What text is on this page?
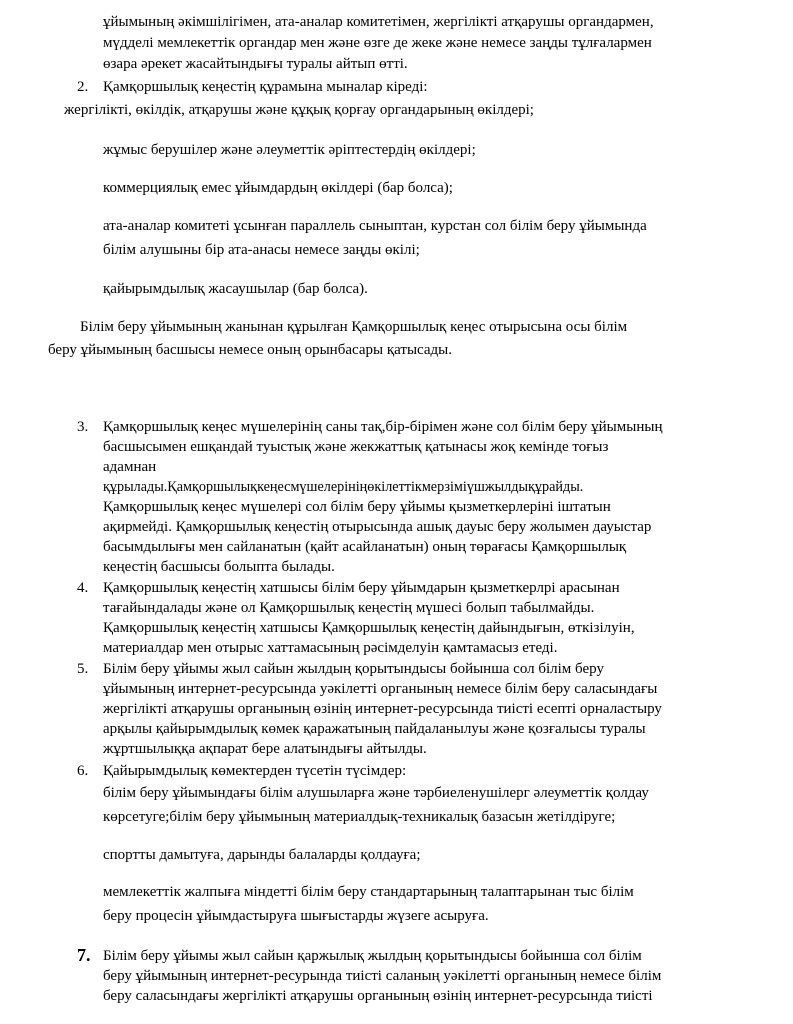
ұйымының әкімшілігімен, ата-аналар комитетімен, жергілікті атқарушы органдармен,
мүдделі мемлекеттік органдар мен және өзге де жеке және немесе заңды тұлғалармен
өзара әрекет жасайтындығы туралы айтып өтті.
2. Қамқоршылық кеңестің құрамына мыналар кіреді:
жергілікті, өкілдік, атқарушы және құқық қорғау органдарының өкілдері;
жұмыс берушілер және әлеуметтік әріптестердің өкілдері;
коммерциялық емес ұйымдардың өкілдері (бар болса);
ата-аналар комитеті ұсынған параллель сыныптан, курстан сол білім беру ұйымында
білім алушыны бір ата-анасы немесе заңды өкілі;
қайырымдылық жасаушылар (бар болса).
Білім беру ұйымының жанынан құрылған Қамқоршылық кеңес отырысына осы білім
беру ұйымының басшысы немесе оның орынбасары қатысады.
3. Қамқоршылық кеңес мүшелерінің саны тақ,бір-бірімен және сол білім беру ұйымының
басшысымен ешқандай туыстық және жекжаттық қатынасы жоқ кемінде тоғыз
адамнан
құрылады.Қамқоршылықкеңесмүшелерініңөкілеттікмерзіміүшжылдықұрайды.
Қамқоршылық кеңес мүшелері сол білім беру ұйымы қызметкерлеріні іштатын
ақирмейді. Қамқоршылық кеңестің отырысында ашық дауыс беру жолымен дауыстар
басымдылығы мен сайланатын (қайт асайланатын) оның төрағасы Қамқоршылық
кеңестің басшысы болыпта былады.
4. Қамқоршылық кеңестің хатшысы білім беру ұйымдарын қызметкерлрі арасынан
тағайындалады және ол Қамқоршылық кеңестің мүшесі болып табылмайды.
Қамқоршылық кеңестің хатшысы Қамқоршылық кеңестің дайындығын, өткізілуін,
материалдар мен отырыс хаттамасының рәсімделуін қамтамасыз етеді.
5. Білім беру ұйымы жыл сайын жылдың қорытындысы бойынша сол білім беру
ұйымының интернет-ресурсында уәкілетті органының немесе білім беру саласындағы
жергілікті атқарушы органының өзінің интернет-ресурсында тиісті есепті орналастыру
арқылы қайырымдылық көмек қаражатының пайдаланылуы және қозғалысы туралы
жұртшылыққа ақпарат бере алатындығы айтылды.
6. Қайырымдылық көмектерден түсетін түсімдер:
білім беру ұйымындағы білім алушыларға және тәрбиеленушілерг әлеуметтік қолдау
көрсетуге;білім беру ұйымының материалдық-техникалық базасын жетілдіруге;
спортты дамытуға, дарынды балаларды қолдауға;
мемлекеттік жалпыға міндетті білім беру стандартарының талаптарынан тыс білім
беру процесін ұйымдастыруға шығыстарды жүзеге асыруға.
7. Білім беру ұйымы жыл сайын қаржылық жылдың қорытындысы бойынша сол білім
беру ұйымының интернет-ресурында тиісті саланың уәкілетті органының немесе білім
беру саласындағы жергілікті атқарушы органының өзінің интернет-ресурсында тиісті
